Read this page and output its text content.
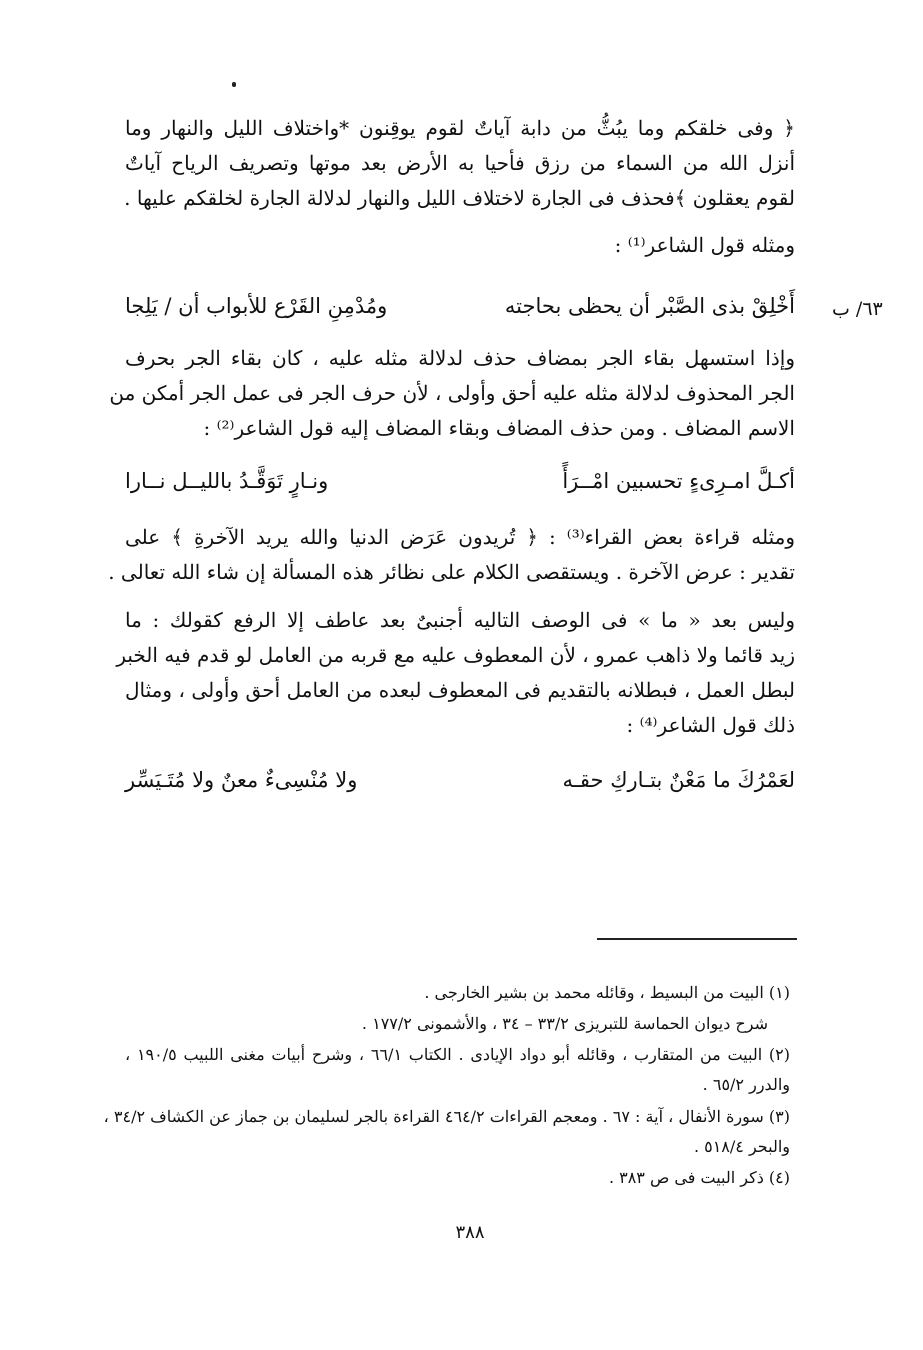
﴿ وفى خلقكم وما يبُثُّ من دابة آياتٌ لقوم يوقِنون *واختلاف الليل والنهار وما
أنزل الله من السماء من رزق فأحيا به الأرض بعد موتها وتصريف الرياح آياتٌ
لقوم يعقلون ﴾فحذف فى الجارة لاختلاف الليل والنهار لدلالة الجارة لخلقكم عليها .
ومثله قول الشاعر⁽¹⁾ :
أَخْلِقْ بذى الصَّبْر أن يحظى بحاجته
ومُدْمِنِ القَرْع للأبواب أن / يَلِجا	٦٣/ ب
وإذا استسهل بقاء الجر بمضاف حذف لدلالة مثله عليه ، كان بقاء الجر بحرف
الجر المحذوف لدلالة مثله عليه أحق وأولى ، لأن حرف الجر فى عمل الجر أمكن من
الاسم المضاف . ومن حذف المضاف وبقاء المضاف إليه قول الشاعر⁽²⁾ :
أكـلَّ امـرِىءٍ تحسبين امْــرَأً
ونـارٍ تَوَقَّـدُ بالليــل نــارا
ومثله قراءة بعض القراء⁽³⁾ : ﴿ تُريدون عَرَض الدنيا والله يريد الآخرةِ ﴾ على
تقدير : عرض الآخرة . ويستقصى الكلام على نظائر هذه المسألة إن شاء الله تعالى .
وليس بعد « ما » فى الوصف التاليه أجنبىٌ بعد عاطف إلا الرفع كقولك : ما
زيد قائما ولا ذاهب عمرو ، لأن المعطوف عليه مع قربه من العامل لو قدم فيه الخبر
لبطل العمل ، فبطلانه بالتقديم فى المعطوف لبعده من العامل أحق وأولى ، ومثال
ذلك قول الشاعر⁽⁴⁾ :
لعَمْرُكَ ما مَعْنٌ بتـاركِ حقـه
ولا مُنْسِىءٌ معنٌ ولا مُتَـيَسِّر
(١) البيت من البسيط ، وقائله محمد بن بشير الخارجى .
شرح ديوان الحماسة للتبريزى ٣٣/٢ – ٣٤ ، والأشمونى ١٧٧/٢ .
(٢) البيت من المتقارب ، وقائله أبو دواد الإيادى . الكتاب ٦٦/١ ، وشرح أبيات مغنى اللبيب ١٩٠/٥ ،
والدرر ٦٥/٢ .
(٣) سورة الأنفال ، آية : ٦٧ . ومعجم القراءات ٤٦٤/٢ القراءة بالجر لسليمان بن جماز عن الكشاف ٣٤/٢ ،
والبحر ٥١٨/٤ .
(٤) ذكر البيت فى ص ٣٨٣ .
٣٨٨
